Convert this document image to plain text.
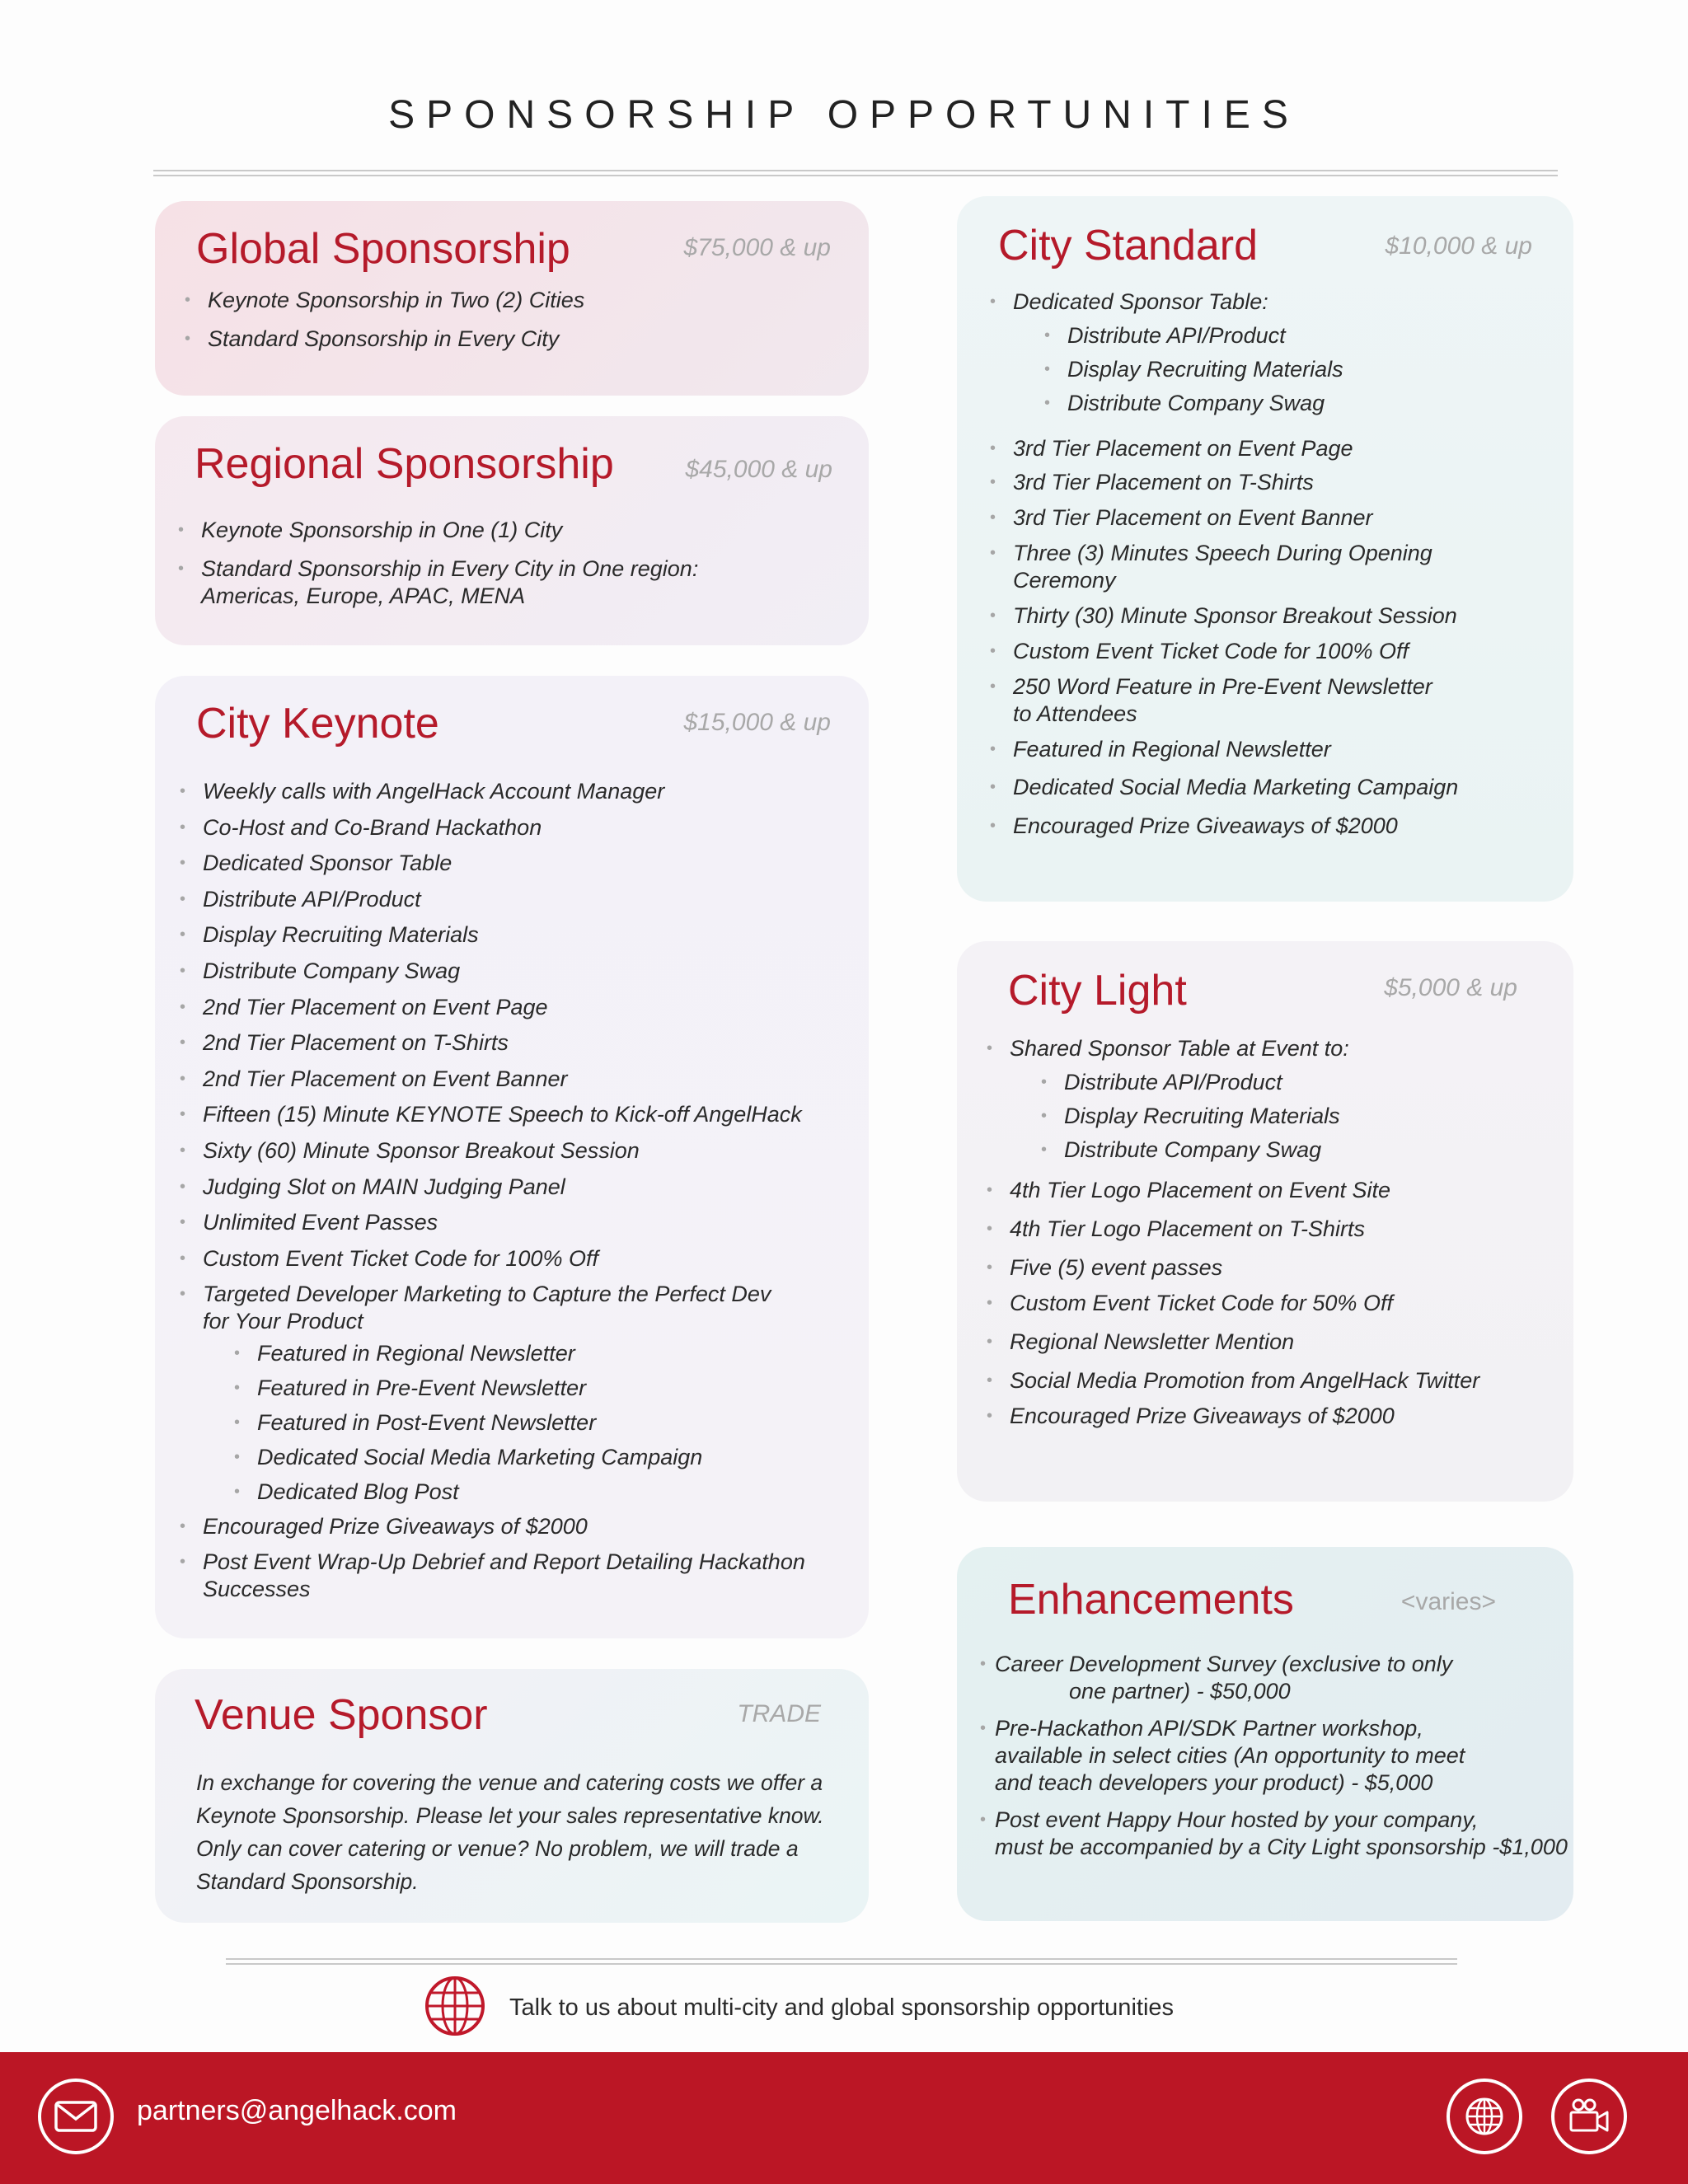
SPONSORSHIP OPPORTUNITIES
Global Sponsorship	$75,000 & up
• Keynote Sponsorship in Two (2) Cities
• Standard Sponsorship in Every City
Regional Sponsorship	$45,000 & up
• Keynote Sponsorship in One (1) City
• Standard Sponsorship in Every City in One region:
Americas, Europe, APAC, MENA
City Keynote	$15,000 & up
• Weekly calls with AngelHack Account Manager
• Co-Host and Co-Brand Hackathon
• Dedicated Sponsor Table
• Distribute API/Product
• Display Recruiting Materials
• Distribute Company Swag
• 2nd Tier Placement on Event Page
• 2nd Tier Placement on T-Shirts
• 2nd Tier Placement on Event Banner
• Fifteen (15) Minute KEYNOTE Speech to Kick-off AngelHack
• Sixty (60) Minute Sponsor Breakout Session
• Judging Slot on MAIN Judging Panel
• Unlimited Event Passes
• Custom Event Ticket Code for 100% Off
• Targeted Developer Marketing to Capture the Perfect Dev
for Your Product
• Featured in Regional Newsletter
• Featured in Pre-Event Newsletter
• Featured in Post-Event Newsletter
• Dedicated Social Media Marketing Campaign
• Dedicated Blog Post
• Encouraged Prize Giveaways of $2000
• Post Event Wrap-Up Debrief and Report Detailing Hackathon
Successes
Venue Sponsor	TRADE
In exchange for covering the venue and catering costs we offer a Keynote Sponsorship. Please let your sales representative know. Only can cover catering or venue? No problem, we will trade a Standard Sponsorship.
City Standard	$10,000 & up
• Dedicated Sponsor Table:
• Distribute API/Product
• Display Recruiting Materials
• Distribute Company Swag
• 3rd Tier Placement on Event Page
• 3rd Tier Placement on T-Shirts
• 3rd Tier Placement on Event Banner
• Three (3) Minutes Speech During Opening
Ceremony
• Thirty (30) Minute Sponsor Breakout Session
• Custom Event Ticket Code for 100% Off
• 250 Word Feature in Pre-Event Newsletter
to Attendees
• Featured in Regional Newsletter
• Dedicated Social Media Marketing Campaign
• Encouraged Prize Giveaways of $2000
City Light	$5,000 & up
• Shared Sponsor Table at Event to:
• Distribute API/Product
• Display Recruiting Materials
• Distribute Company Swag
• 4th Tier Logo Placement on Event Site
• 4th Tier Logo Placement on T-Shirts
• Five (5) event passes
• Custom Event Ticket Code for 50% Off
• Regional Newsletter Mention
• Social Media Promotion from AngelHack Twitter
• Encouraged Prize Giveaways of $2000
Enhancements	<varies>
• Career Development Survey (exclusive to only
one partner) - $50,000
• Pre-Hackathon API/SDK Partner workshop,
available in select cities (An opportunity to meet
and teach developers your product) - $5,000
• Post event Happy Hour hosted by your company,
must be accompanied by a City Light sponsorship -$1,000
Talk to us about multi-city and global sponsorship opportunities
partners@angelhack.com
